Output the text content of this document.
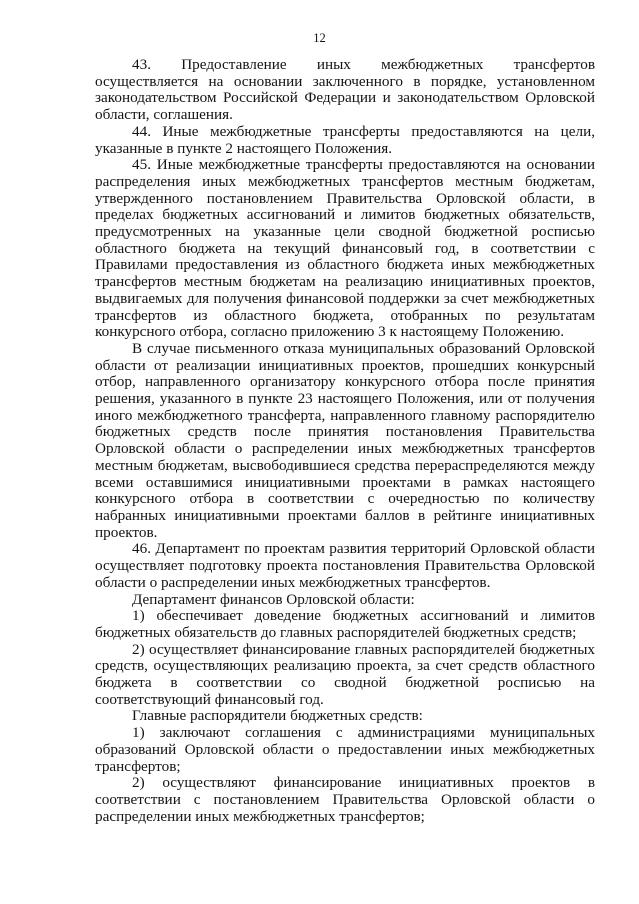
12

43. Предоставление иных межбюджетных трансфертов осуществляется на основании заключенного в порядке, установленном законодательством Российской Федерации и законодательством Орловской области, соглашения.

44. Иные межбюджетные трансферты предоставляются на цели, указанные в пункте 2 настоящего Положения.

45. Иные межбюджетные трансферты предоставляются на основании распределения иных межбюджетных трансфертов местным бюджетам, утвержденного постановлением Правительства Орловской области, в пределах бюджетных ассигнований и лимитов бюджетных обязательств, предусмотренных на указанные цели сводной бюджетной росписью областного бюджета на текущий финансовый год, в соответствии с Правилами предоставления из областного бюджета иных межбюджетных трансфертов местным бюджетам на реализацию инициативных проектов, выдвигаемых для получения финансовой поддержки за счет межбюджетных трансфертов из областного бюджета, отобранных по результатам конкурсного отбора, согласно приложению 3 к настоящему Положению.

В случае письменного отказа муниципальных образований Орловской области от реализации инициативных проектов, прошедших конкурсный отбор, направленного организатору конкурсного отбора после принятия решения, указанного в пункте 23 настоящего Положения, или от получения иного межбюджетного трансферта, направленного главному распорядителю бюджетных средств после принятия постановления Правительства Орловской области о распределении иных межбюджетных трансфертов местным бюджетам, высвободившиеся средства перераспределяются между всеми оставшимися инициативными проектами в рамках настоящего конкурсного отбора в соответствии с очередностью по количеству набранных инициативными проектами баллов в рейтинге инициативных проектов.

46. Департамент по проектам развития территорий Орловской области осуществляет подготовку проекта постановления Правительства Орловской области о распределении иных межбюджетных трансфертов.

Департамент финансов Орловской области:

1) обеспечивает доведение бюджетных ассигнований и лимитов бюджетных обязательств до главных распорядителей бюджетных средств;

2) осуществляет финансирование главных распорядителей бюджетных средств, осуществляющих реализацию проекта, за счет средств областного бюджета в соответствии со сводной бюджетной росписью на соответствующий финансовый год.

Главные распорядители бюджетных средств:

1) заключают соглашения с администрациями муниципальных образований Орловской области о предоставлении иных межбюджетных трансфертов;

2) осуществляют финансирование инициативных проектов в соответствии с постановлением Правительства Орловской области о распределении иных межбюджетных трансфертов;
